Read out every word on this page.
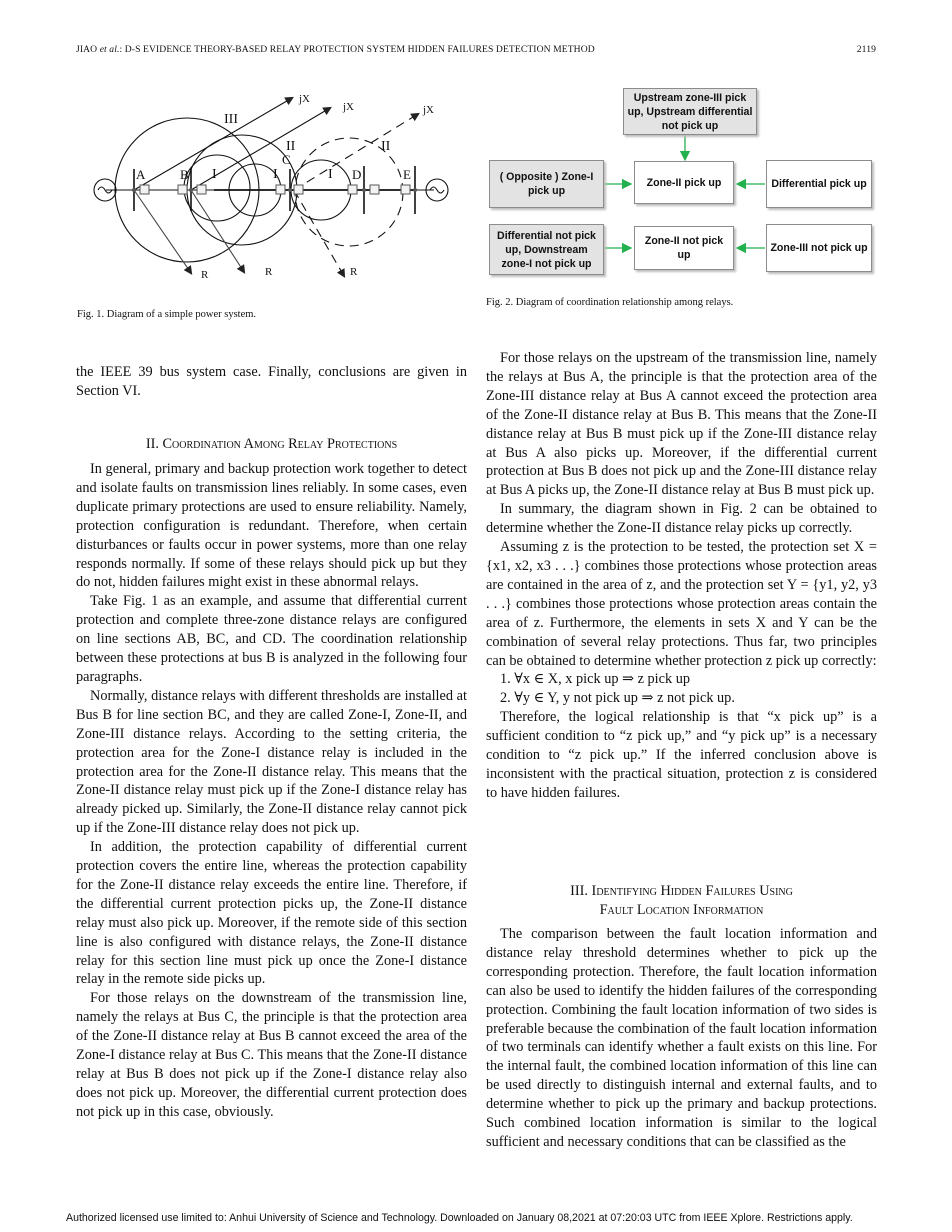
JIAO et al.: D-S EVIDENCE THEORY-BASED RELAY PROTECTION SYSTEM HIDDEN FAILURES DETECTION METHOD	2119
A	B
C
D	E
III
II	II
I	I	I
jX
jX	jX
R	R	R
Fig. 1. Diagram of a simple power system.
Upstream zone-III pick up, Upstream differential not pick up
( Opposite ) Zone-I pick up
Zone-II pick up	Differential pick up
Differential not pick up, Downstream zone-I not pick up
Zone-II not pick up
Zone-III not pick up
Fig. 2. Diagram of coordination relationship among relays.

the IEEE 39 bus system case. Finally, conclusions are given in Section VI.

II. Coordination Among Relay Protections

In general, primary and backup protection work together to detect and isolate faults on transmission lines reliably. In some cases, even duplicate primary protections are used to ensure reliability. Namely, protection configuration is redundant. Therefore, when certain disturbances or faults occur in power systems, more than one relay responds normally. If some of these relays should pick up but they do not, hidden failures might exist in these abnormal relays.

Take Fig. 1 as an example, and assume that differential current protection and complete three-zone distance relays are configured on line sections AB, BC, and CD. The coordination relationship between these protections at bus B is analyzed in the following four paragraphs.

Normally, distance relays with different thresholds are installed at Bus B for line section BC, and they are called Zone-I, Zone-II, and Zone-III distance relays. According to the setting criteria, the protection area for the Zone-I distance relay is included in the protection area for the Zone-II distance relay. This means that the Zone-II distance relay must pick up if the Zone-I distance relay has already picked up. Similarly, the Zone-II distance relay cannot pick up if the Zone-III distance relay does not pick up.

In addition, the protection capability of differential current protection covers the entire line, whereas the protection capability for the Zone-II distance relay exceeds the entire line. Therefore, if the differential current protection picks up, the Zone-II distance relay must also pick up. Moreover, if the remote side of this section line is also configured with distance relays, the Zone-II distance relay for this section line must pick up once the Zone-I distance relay in the remote side picks up.

For those relays on the downstream of the transmission line, namely the relays at Bus C, the principle is that the protection area of the Zone-II distance relay at Bus B cannot exceed the area of the Zone-I distance relay at Bus C. This means that the Zone-II distance relay at Bus B does not pick up if the Zone-I distance relay also does not pick up. Moreover, the differential current protection does not pick up in this case, obviously.

For those relays on the upstream of the transmission line, namely the relays at Bus A, the principle is that the protection area of the Zone-III distance relay at Bus A cannot exceed the protection area of the Zone-II distance relay at Bus B. This means that the Zone-II distance relay at Bus B must pick up if the Zone-III distance relay at Bus A also picks up. Moreover, if the differential current protection at Bus B does not pick up and the Zone-III distance relay at Bus A picks up, the Zone-II distance relay at Bus B must pick up.

In summary, the diagram shown in Fig. 2 can be obtained to determine whether the Zone-II distance relay picks up correctly.

Assuming z is the protection to be tested, the protection set X = {x1, x2, x3 . . .} combines those protections whose protection areas are contained in the area of z, and the protection set Y = {y1, y2, y3 . . .} combines those protections whose protection areas contain the area of z. Furthermore, the elements in sets X and Y can be the combination of several relay protections. Thus far, two principles can be obtained to determine whether protection z pick up correctly:

1. ∀x ∈ X, x pick up ⇒ z pick up

2. ∀y ∈ Y, y not pick up ⇒ z not pick up.

Therefore, the logical relationship is that “x pick up” is a sufficient condition to “z pick up,” and “y pick up” is a necessary condition to “z pick up.” If the inferred conclusion above is inconsistent with the practical situation, protection z is considered to have hidden failures.

III. Identifying Hidden Failures Using

Fault Location Information

The comparison between the fault location information and distance relay threshold determines whether to pick up the corresponding protection. Therefore, the fault location information can also be used to identify the hidden failures of the corresponding protection. Combining the fault location information of two sides is preferable because the combination of the fault location information of two terminals can identify whether a fault exists on this line. For the internal fault, the combined location information of this line can be used directly to distinguish internal and external faults, and to determine whether to pick up the primary and backup protections. Such combined location information is similar to the logical sufficient and necessary conditions that can be classified as the

Authorized licensed use limited to: Anhui University of Science and Technology. Downloaded on January 08,2021 at 07:20:03 UTC from IEEE Xplore. Restrictions apply.
